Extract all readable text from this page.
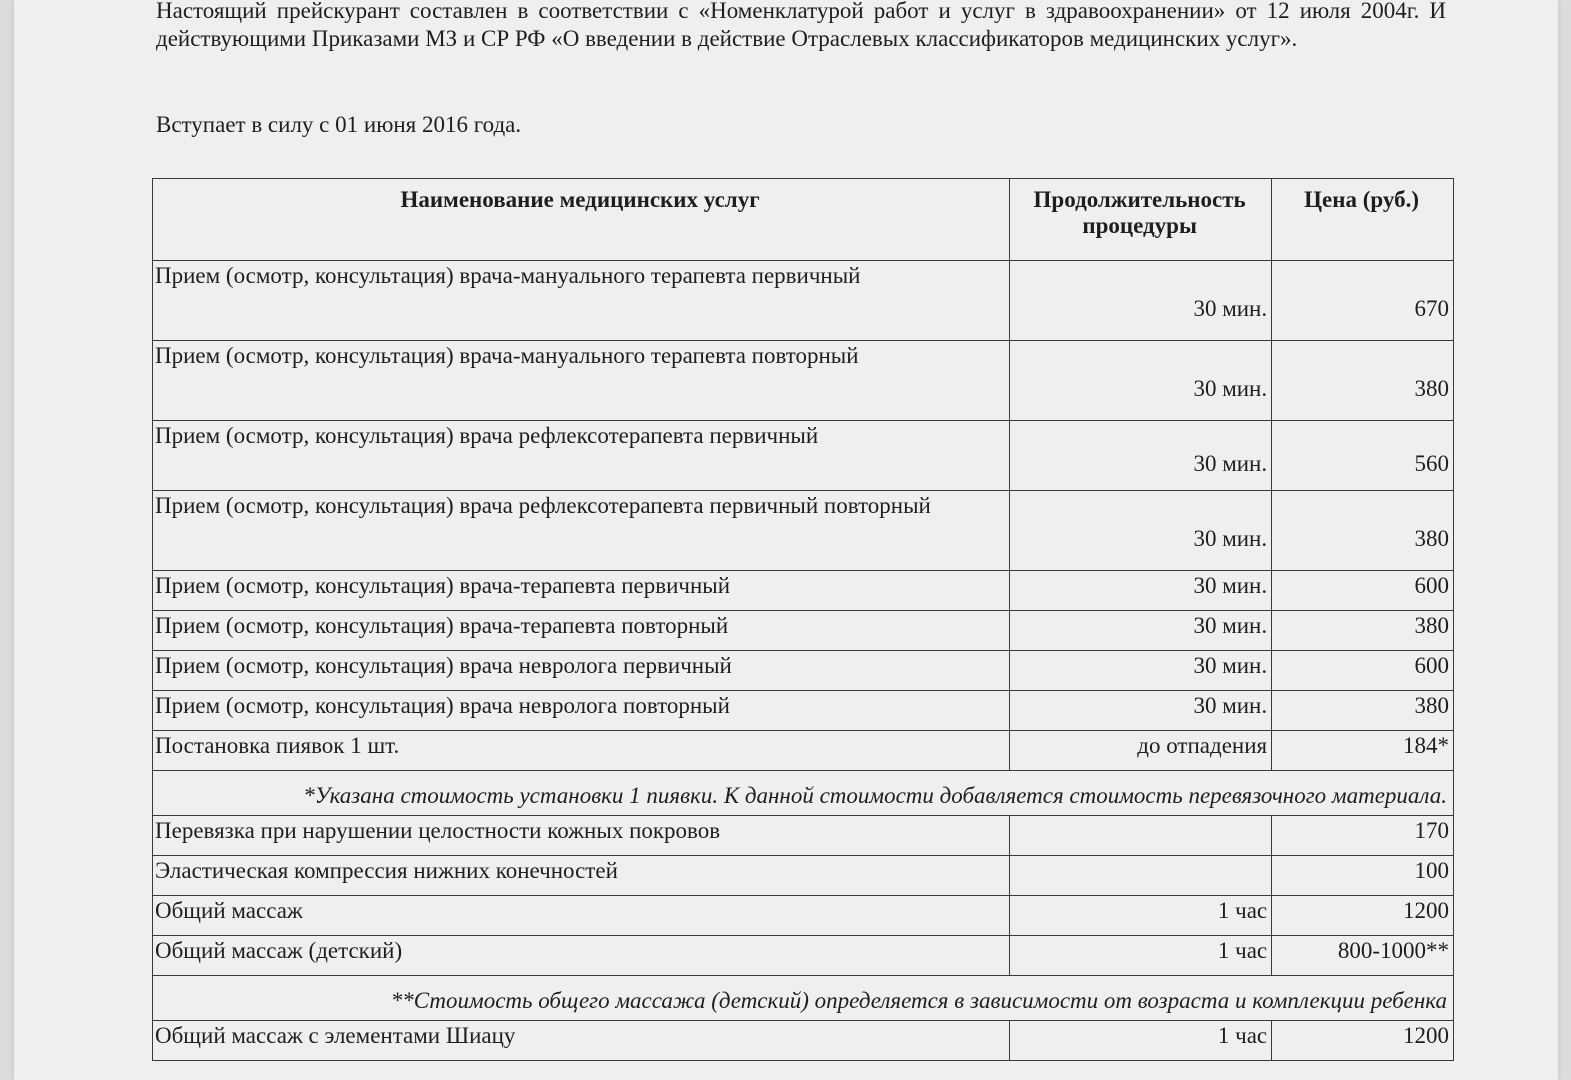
Настоящий прейскурант составлен в соответствии с «Номенклатурой работ и услуг в здравоохранении» от 12 июля 2004г. И действующими Приказами МЗ и СР РФ «О введении в действие Отраслевых классификаторов медицинских услуг».
Вступает в силу с 01 июня 2016 года.
Наименование медицинских услуг	Продолжительность процедуры	Цена (руб.)
Прием (осмотр, консультация) врача-мануального терапевта первичный	30 мин.	670
Прием (осмотр, консультация) врача-мануального терапевта повторный	30 мин.	380
Прием (осмотр, консультация) врача рефлексотерапевта первичный	30 мин.	560
Прием (осмотр, консультация) врача рефлексотерапевта первичный повторный	30 мин.	380
Прием (осмотр, консультация) врача-терапевта первичный	30 мин.	600
Прием (осмотр, консультация) врача-терапевта повторный	30 мин.	380
Прием (осмотр, консультация) врача невролога первичный	30 мин.	600
Прием (осмотр, консультация) врача невролога повторный	30 мин.	380
Постановка пиявок 1 шт.	до отпадения	184*
*Указана стоимость установки 1 пиявки. К данной стоимости добавляется стоимость перевязочного материала.		
Перевязка при нарушении целостности кожных покровов		170
Эластическая компрессия нижних конечностей		100
Общий массаж	1 час	1200
Общий массаж (детский)	1 час	800-1000**
**Стоимость общего массажа (детский) определяется в зависимости от возраста и комплекции ребенка		
Общий массаж с элементами Шиацу	1 час	1200
